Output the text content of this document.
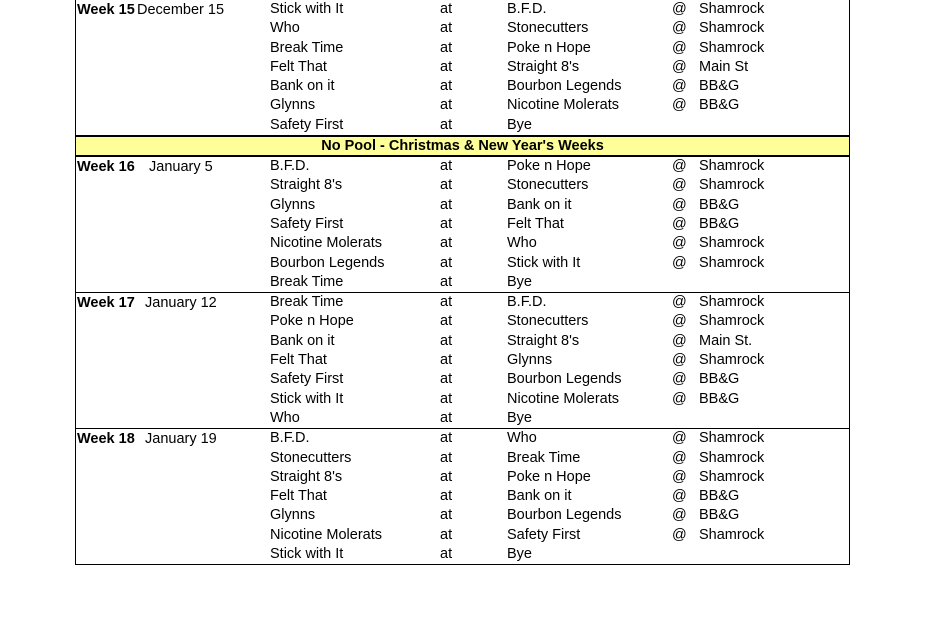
Week 15 December 15	Stick with It	at	B.F.D.	@ Shamrock
Who	at	Stonecutters	@ Shamrock
Break Time	at	Poke n Hope	@ Shamrock
Felt That	at	Straight 8's	@ Main St
Bank on it	at	Bourbon Legends	@ BB&G
Glynns	at	Nicotine Molerats	@ BB&G
Safety First	at	Bye
No Pool - Christmas & New Year's Weeks
Week 16 January 5	B.F.D.	at	Poke n Hope	@ Shamrock
Straight 8's	at	Stonecutters	@ Shamrock
Glynns	at	Bank on it	@ BB&G
Safety First	at	Felt That	@ BB&G
Nicotine Molerats	at	Who	@ Shamrock
Bourbon Legends	at	Stick with It	@ Shamrock
Break Time	at	Bye
Week 17 January 12	Break Time	at	B.F.D.	@ Shamrock
Poke n Hope	at	Stonecutters	@ Shamrock
Bank on it	at	Straight 8's	@ Main St.
Felt That	at	Glynns	@ Shamrock
Safety First	at	Bourbon Legends	@ BB&G
Stick with It	at	Nicotine Molerats	@ BB&G
Who	at	Bye
Week 18 January 19	B.F.D.	at	Who	@ Shamrock
Stonecutters	at	Break Time	@ Shamrock
Straight 8's	at	Poke n Hope	@ Shamrock
Felt That	at	Bank on it	@ BB&G
Glynns	at	Bourbon Legends	@ BB&G
Nicotine Molerats	at	Safety First	@ Shamrock
Stick with It	at	Bye
